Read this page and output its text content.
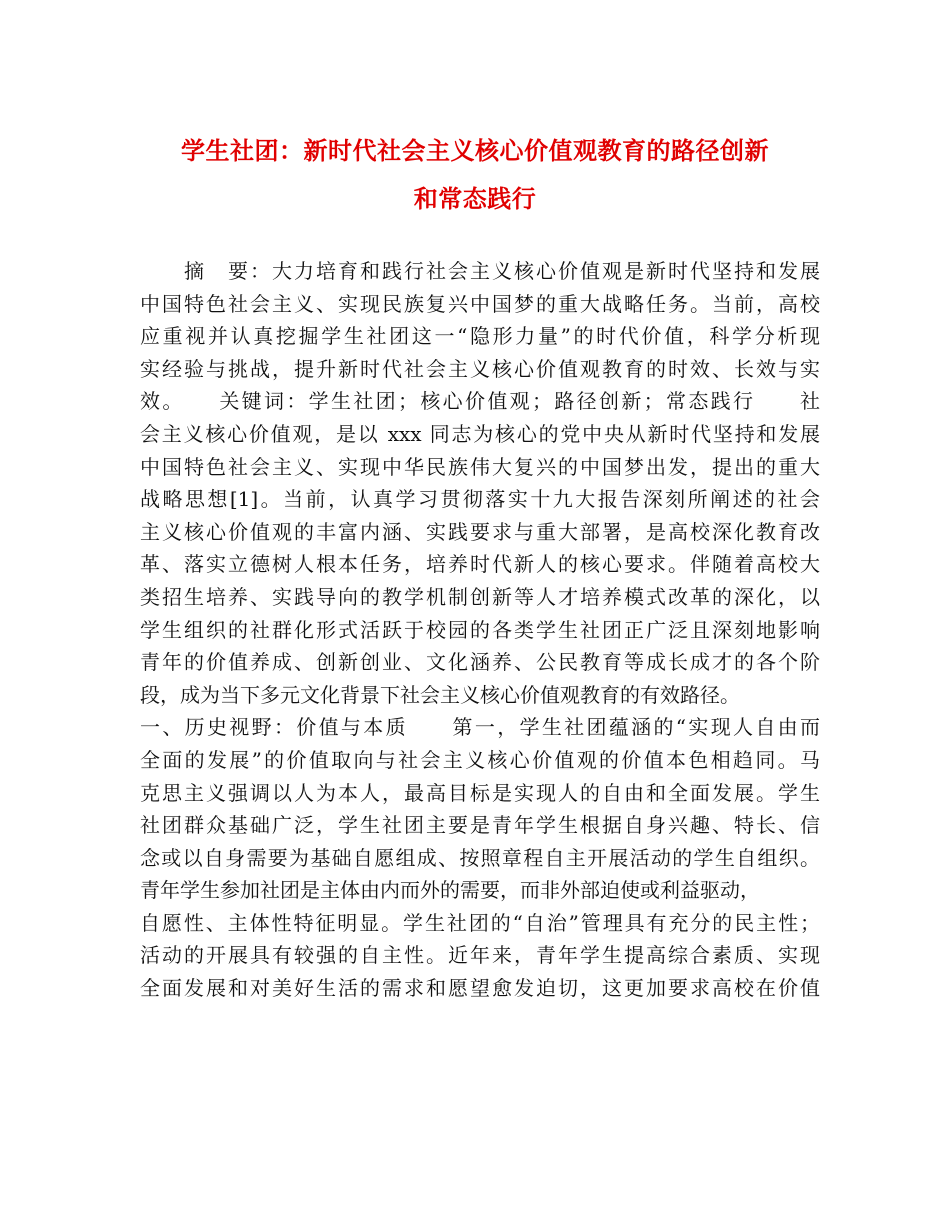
学生社团：新时代社会主义核心价值观教育的路径创新
和常态践行
　　摘　要：大力培育和践行社会主义核心价值观是新时代坚持和发展
中国特色社会主义、实现民族复兴中国梦的重大战略任务。当前，高校
应重视并认真挖掘学生社团这一“隐形力量”的时代价值，科学分析现
实经验与挑战，提升新时代社会主义核心价值观教育的时效、长效与实
效。　　关键词：学生社团；核心价值观；路径创新；常态践行　　社
会主义核心价值观，是以 xxx 同志为核心的党中央从新时代坚持和发展
中国特色社会主义、实现中华民族伟大复兴的中国梦出发，提出的重大
战略思想[1]。当前，认真学习贯彻落实十九大报告深刻所阐述的社会
主义核心价值观的丰富内涵、实践要求与重大部署，是高校深化教育改
革、落实立德树人根本任务，培养时代新人的核心要求。伴随着高校大
类招生培养、实践导向的教学机制创新等人才培养模式改革的深化，以
学生组织的社群化形式活跃于校园的各类学生社团正广泛且深刻地影响
青年的价值养成、创新创业、文化涵养、公民教育等成长成才的各个阶
段，成为当下多元文化背景下社会主义核心价值观教育的有效路径。　
一、历史视野：价值与本质　　第一，学生社团蕴涵的“实现人自由而
全面的发展”的价值取向与社会主义核心价值观的价值本色相趋同。马
克思主义强调以人为本人，最高目标是实现人的自由和全面发展。学生
社团群众基础广泛，学生社团主要是青年学生根据自身兴趣、特长、信
念或以自身需要为基础自愿组成、按照章程自主开展活动的学生自组织。
青年学生参加社团是主体由内而外的需要，而非外部迫使或利益驱动，
自愿性、主体性特征明显。学生社团的“自治”管理具有充分的民主性；
活动的开展具有较强的自主性。近年来，青年学生提高综合素质、实现
全面发展和对美好生活的需求和愿望愈发迫切，这更加要求高校在价值
